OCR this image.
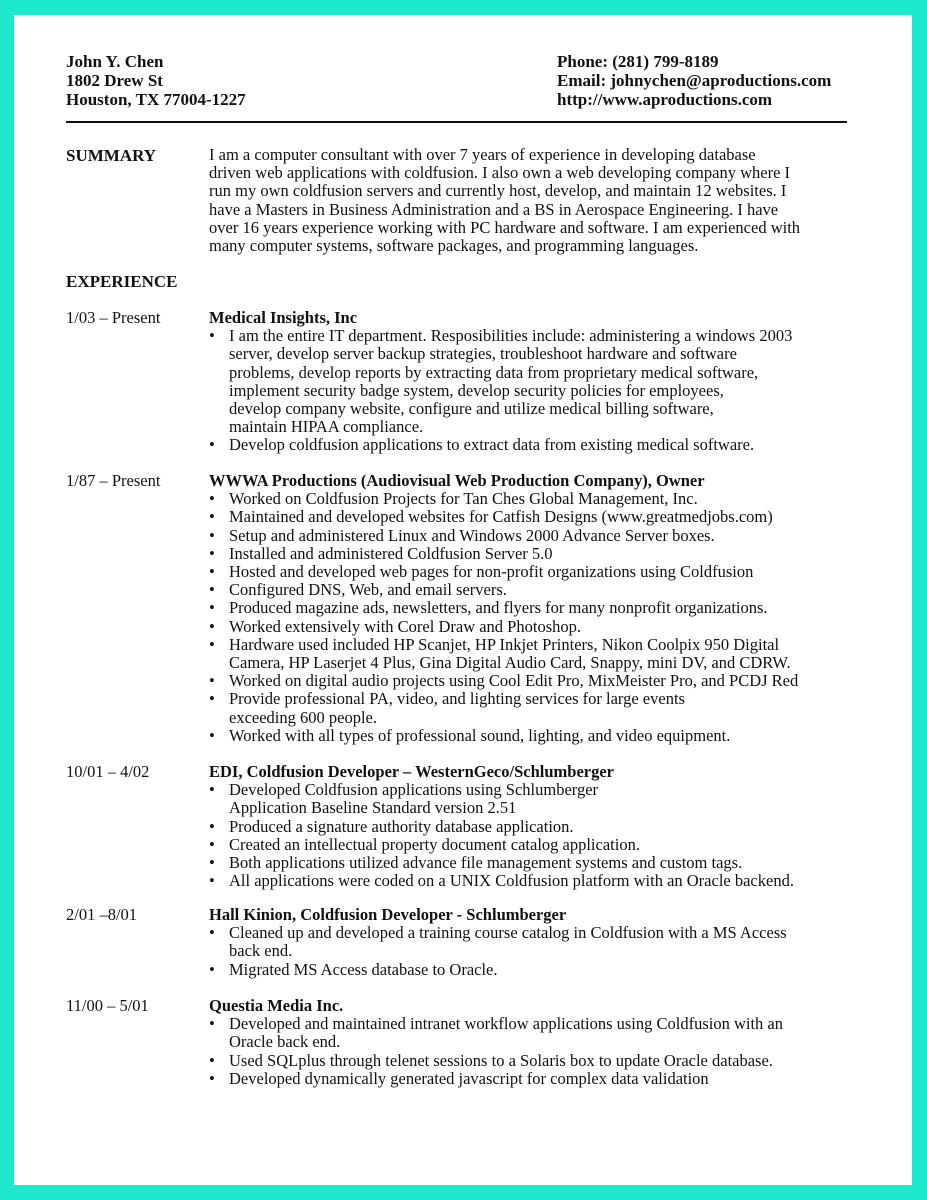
John Y. Chen
1802 Drew St
Houston, TX 77004-1227
Phone: (281) 799-8189
Email: johnychen@aproductions.com
http://www.aproductions.com
SUMMARY	I am a computer consultant with over 7 years of experience in developing database
driven web applications with coldfusion. I also own a web developing company where I
run my own coldfusion servers and currently host, develop, and maintain 12 websites. I
have a Masters in Business Administration and a BS in Aerospace Engineering. I have
over 16 years experience working with PC hardware and software. I am experienced with
many computer systems, software packages, and programming languages.
EXPERIENCE
1/03 – Present	Medical Insights, Inc
• I am the entire IT department. Resposibilities include: administering a windows 2003
server, develop server backup strategies, troubleshoot hardware and software
problems, develop reports by extracting data from proprietary medical software,
implement security badge system, develop security policies for employees,
develop company website, configure and utilize medical billing software,
maintain HIPAA compliance.
• Develop coldfusion applications to extract data from existing medical software.
1/87 – Present	WWWA Productions (Audiovisual Web Production Company), Owner
• Worked on Coldfusion Projects for Tan Ches Global Management, Inc.
• Maintained and developed websites for Catfish Designs (www.greatmedjobs.com)
• Setup and administered Linux and Windows 2000 Advance Server boxes.
• Installed and administered Coldfusion Server 5.0
• Hosted and developed web pages for non-profit organizations using Coldfusion
• Configured DNS, Web, and email servers.
• Produced magazine ads, newsletters, and flyers for many nonprofit organizations.
• Worked extensively with Corel Draw and Photoshop.
• Hardware used included HP Scanjet, HP Inkjet Printers, Nikon Coolpix 950 Digital
Camera, HP Laserjet 4 Plus, Gina Digital Audio Card, Snappy, mini DV, and CDRW.
• Worked on digital audio projects using Cool Edit Pro, MixMeister Pro, and PCDJ Red
• Provide professional PA, video, and lighting services for large events
exceeding 600 people.
• Worked with all types of professional sound, lighting, and video equipment.
10/01 – 4/02	EDI, Coldfusion Developer – WesternGeco/Schlumberger
• Developed Coldfusion applications using Schlumberger
Application Baseline Standard version 2.51
• Produced a signature authority database application.
• Created an intellectual property document catalog application.
• Both applications utilized advance file management systems and custom tags.
• All applications were coded on a UNIX Coldfusion platform with an Oracle backend.
2/01 –8/01	Hall Kinion, Coldfusion Developer - Schlumberger
• Cleaned up and developed a training course catalog in Coldfusion with a MS Access
back end.
• Migrated MS Access database to Oracle.
11/00 – 5/01	Questia Media Inc.
• Developed and maintained intranet workflow applications using Coldfusion with an
Oracle back end.
• Used SQLplus through telenet sessions to a Solaris box to update Oracle database.
• Developed dynamically generated javascript for complex data validation
